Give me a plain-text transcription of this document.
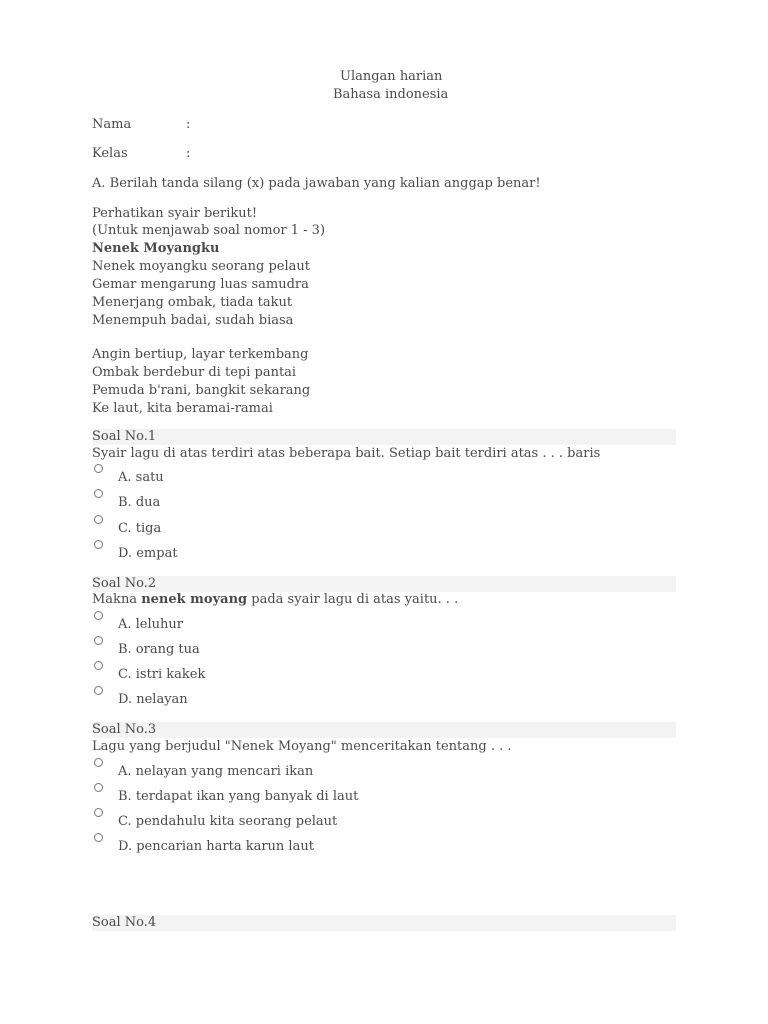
Ulangan harian
Bahasa indonesia
Nama	:
Kelas	:
A. Berilah tanda silang (x) pada jawaban yang kalian anggap benar!
Perhatikan syair berikut!
(Untuk menjawab soal nomor 1 - 3)
Nenek Moyangku
Nenek moyangku seorang pelaut
Gemar mengarung luas samudra
Menerjang ombak, tiada takut
Menempuh badai, sudah biasa
Angin bertiup, layar terkembang
Ombak berdebur di tepi pantai
Pemuda b'rani, bangkit sekarang
Ke laut, kita beramai-ramai
Soal No.1
Syair lagu di atas terdiri atas beberapa bait. Setiap bait terdiri atas . . . baris
A. satu
B. dua
C. tiga
D. empat
Soal No.2
Makna nenek moyang pada syair lagu di atas yaitu. . .
A. leluhur
B. orang tua
C. istri kakek
D. nelayan
Soal No.3
Lagu yang berjudul "Nenek Moyang" menceritakan tentang . . .
A. nelayan yang mencari ikan
B. terdapat ikan yang banyak di laut
C. pendahulu kita seorang pelaut
D. pencarian harta karun laut
Soal No.4
